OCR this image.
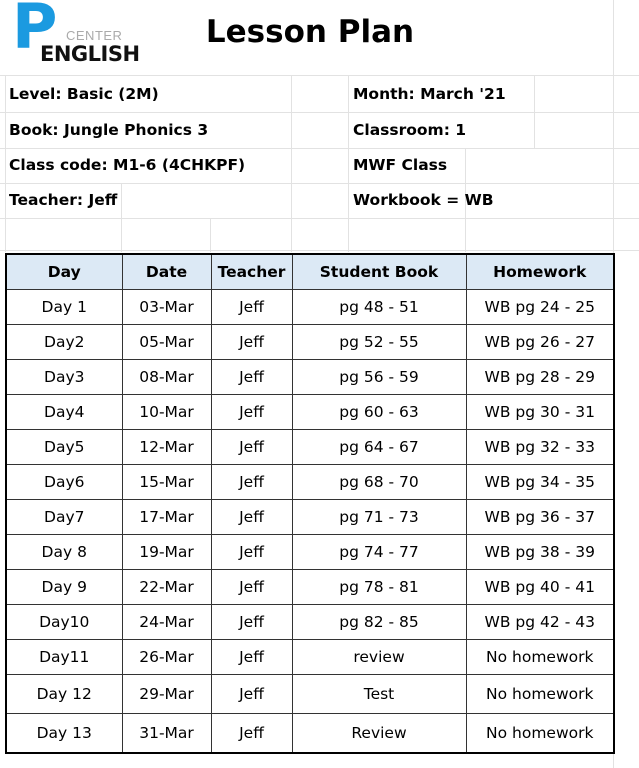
P CENTER
ENGLISH
Lesson Plan
Level: Basic (2M)	Month: March '21
Book: Jungle Phonics 3	Classroom: 1
Class code: M1-6 (4CHKPF)	MWF Class
Teacher: Jeff	Workbook = WB
Day	Date	Teacher	Student Book	Homework
Day 1	03-Mar	Jeff	pg 48 - 51	WB pg 24 - 25
Day2	05-Mar	Jeff	pg 52 - 55	WB pg 26 - 27
Day3	08-Mar	Jeff	pg 56 - 59	WB pg 28 - 29
Day4	10-Mar	Jeff	pg 60 - 63	WB pg 30 - 31
Day5	12-Mar	Jeff	pg 64 - 67	WB pg 32 - 33
Day6	15-Mar	Jeff	pg 68 - 70	WB pg 34 - 35
Day7	17-Mar	Jeff	pg 71 - 73	WB pg 36 - 37
Day 8	19-Mar	Jeff	pg 74 - 77	WB pg 38 - 39
Day 9	22-Mar	Jeff	pg 78 - 81	WB pg 40 - 41
Day10	24-Mar	Jeff	pg 82 - 85	WB pg 42 - 43
Day11	26-Mar	Jeff	review	No homework
Day 12	29-Mar	Jeff	Test	No homework
Day 13	31-Mar	Jeff	Review	No homework
